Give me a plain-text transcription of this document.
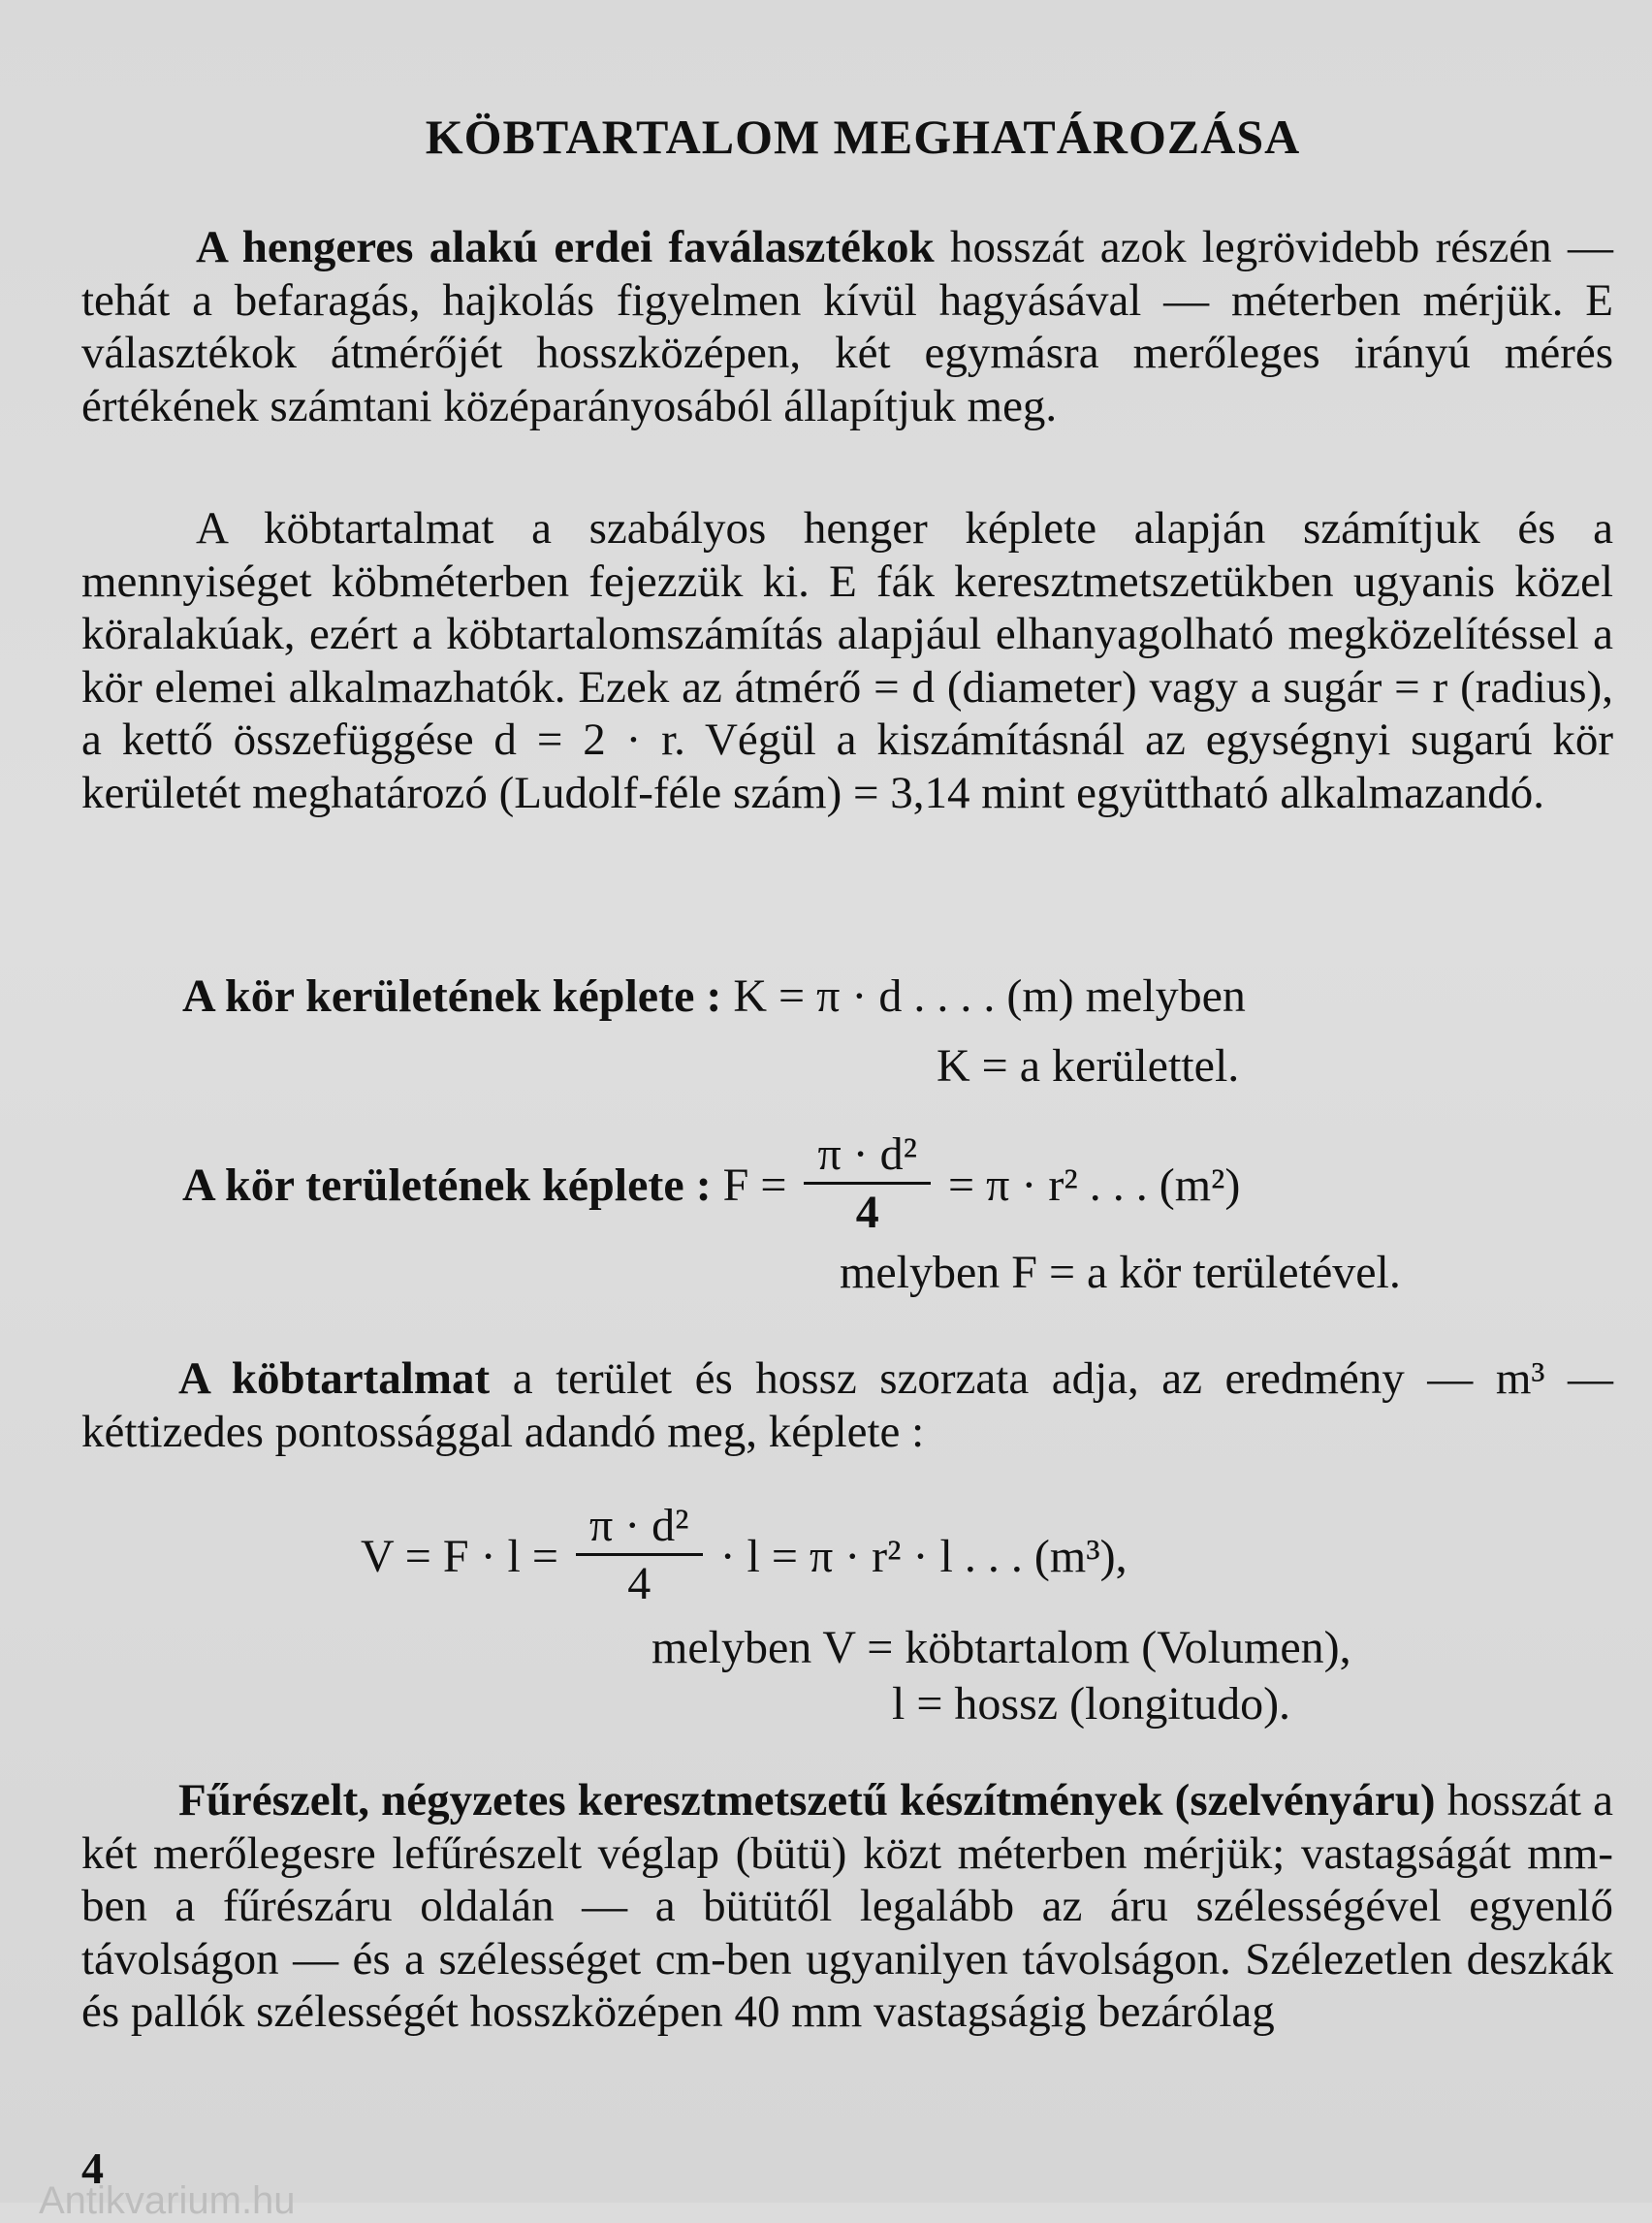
KÖBTARTALOM MEGHATÁROZÁSA

A hengeres alakú erdei faválasztékok hosszát azok legrövidebb részén — tehát a befaragás, hajkolás figyelmen kívül hagyásával — méterben mérjük. E választékok átmérőjét hosszközépen, két egymásra merőleges irányú mérés értékének számtani középarányosából állapítjuk meg.

A köbtartalmat a szabályos henger képlete alapján számítjuk és a mennyiséget köbméterben fejezzük ki. E fák keresztmetszetükben ugyanis közel köralakúak, ezért a köbtartalomszámítás alapjául elhanyagolható megközelítéssel a kör elemei alkalmazhatók. Ezek az átmérő = d (diameter) vagy a sugár = r (radius), a kettő összefüggése d = 2 · r. Végül a kiszámításnál az egységnyi sugarú kör kerületét meghatározó (Ludolf-féle szám) = 3,14 mint együttható alkalmazandó.

A kör kerületének képlete : K = π · d . . . . (m) melyben
K = a kerülettel.
A kör területének képlete : $F = \frac{\text{π · d²}}{4} = \pi \cdot r^2$ . . . (m²)
melyben F = a kör területével.

A köbtartalmat a terület és hossz szorzata adja, az eredmény — m³ — kéttizedes pontossággal adandó meg, képlete :

$V = F \cdot l = \frac{\text{π · d²}}{4} \cdot l = \pi \cdot r^2 \cdot l$ . . . (m³),
melyben V = köbtartalom (Volumen),
l = hossz (longitudo).

Fűrészelt, négyzetes keresztmetszetű készítmények (szelvényáru) hosszát a két merőlegesre lefűrészelt véglap (bütü) közt méterben mérjük; vastagságát mm-ben a fűrészáru oldalán — a bütütől legalább az áru szélességével egyenlő távolságon — és a szélességet cm-ben ugyanilyen távolságon. Szélezetlen deszkák és pallók szélességét hosszközépen 40 mm vastagságig bezárólag

4
Antikvarium.hu
